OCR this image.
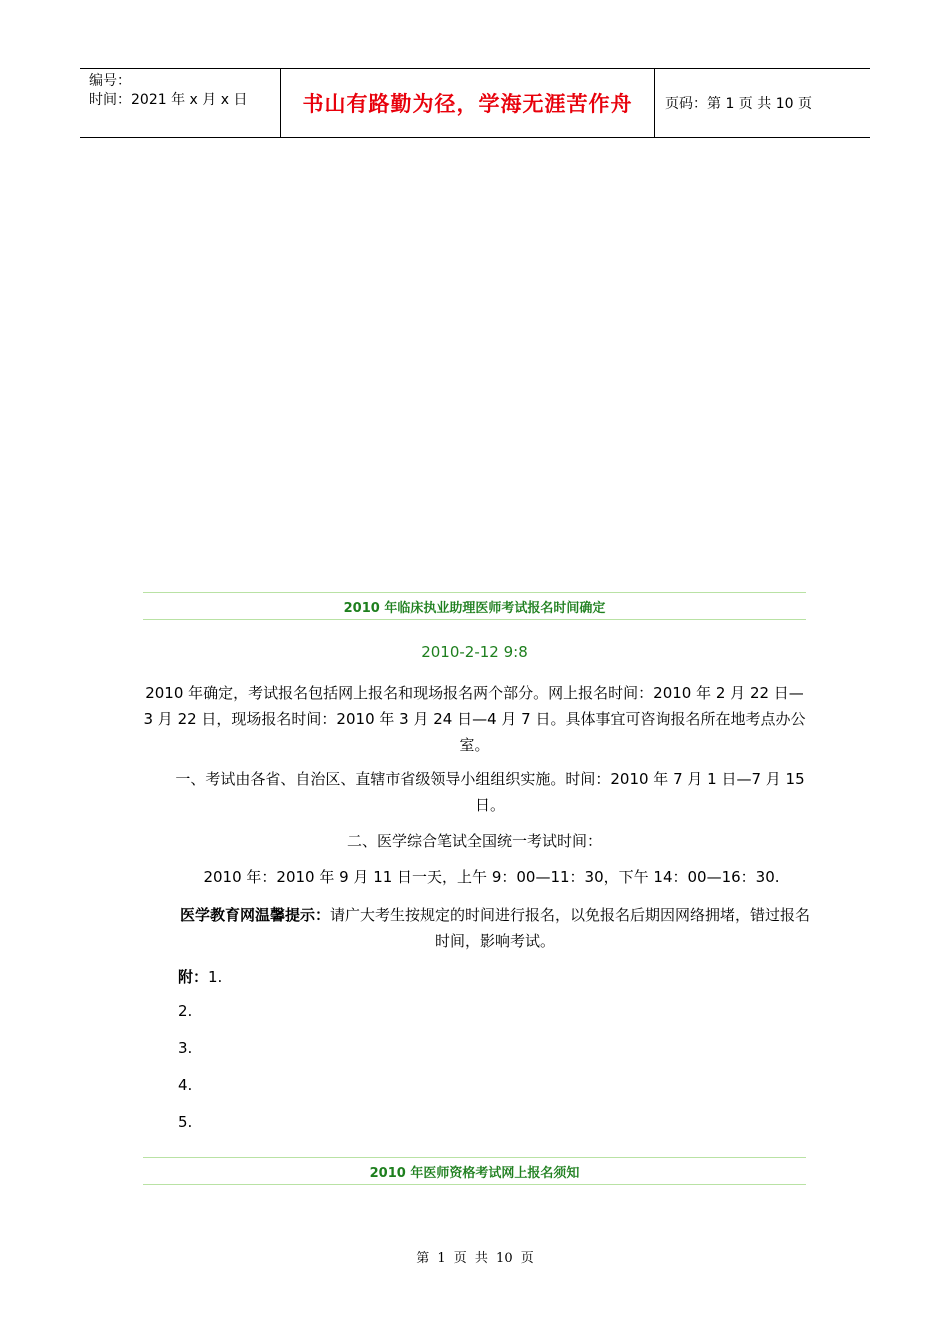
编号：
时间：2021 年 x 月 x 日	书山有路勤为径，学海无涯苦作舟	页码：第 1 页 共 10 页
2010 年临床执业助理医师考试报名时间确定
2010-2-12 9:8
2010 年确定，考试报名包括网上报名和现场报名两个部分。网上报名时间：2010 年 2 月 22 日—3 月 22 日，现场报名时间：2010 年 3 月 24 日—4 月 7 日。具体事宜可咨询报名所在地考点办公室。
一、考试由各省、自治区、直辖市省级领导小组组织实施。时间：2010 年 7 月 1 日—7 月 15 日。
二、医学综合笔试全国统一考试时间：
2010 年：2010 年 9 月 11 日一天，上午 9：00—11：30，下午 14：00—16：30.
医学教育网温馨提示：请广大考生按规定的时间进行报名，以免报名后期因网络拥堵，错过报名时间，影响考试。
附：1.
2.
3.
4.
5.
2010 年医师资格考试网上报名须知
第 1 页 共 10 页
